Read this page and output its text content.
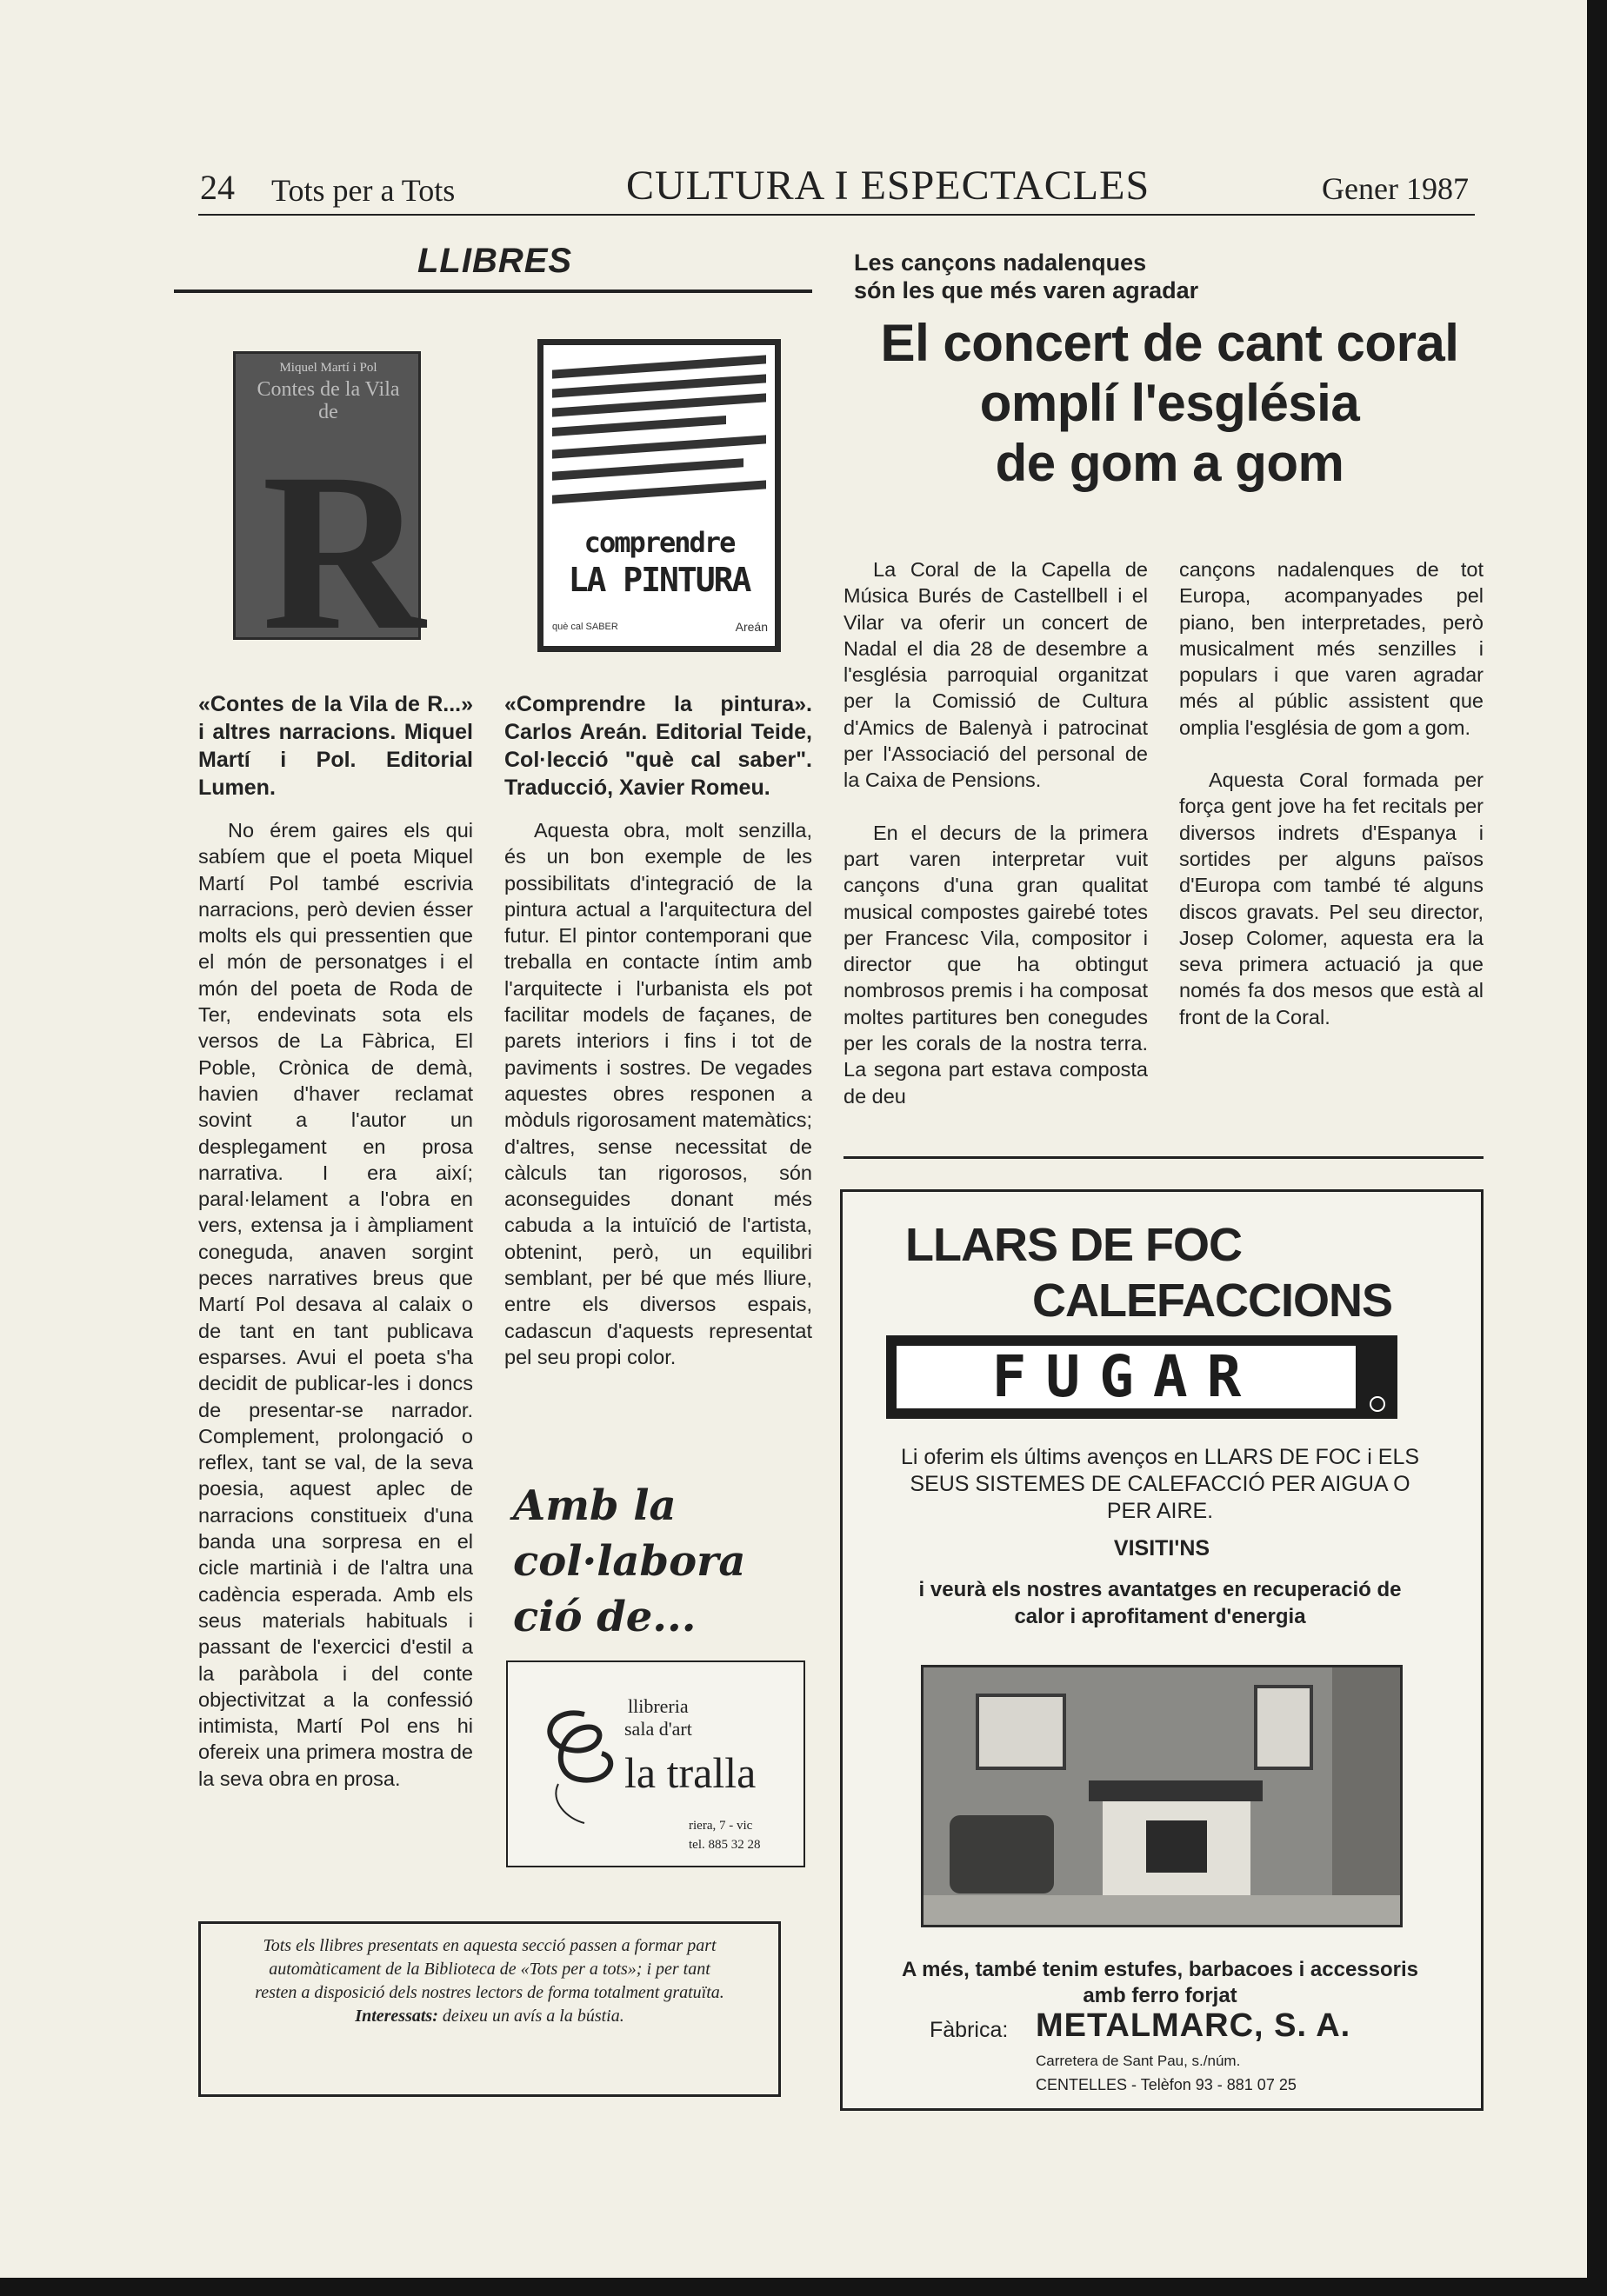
24 Tots per a Tots	CULTURA I ESPECTACLES	Gener 1987
LLIBRES
Miquel Martí i Pol
Contes de la Vila de
R	comprendre
LA PINTURA
què cal SABER	Areán
«Contes de la Vila de R...» i altres narracions. Miquel Martí i Pol. Editorial Lumen.

No érem gaires els qui sabíem que el poeta Miquel Martí Pol també escrivia narracions, però devien ésser molts els qui pressentien que el món de personatges i el món del poeta de Roda de Ter, endevinats sota els versos de La Fàbrica, El Poble, Crònica de demà, havien d'haver reclamat sovint a l'autor un desplegament en prosa narrativa. I era així; paral·lelament a l'obra en vers, extensa ja i àmpliament coneguda, anaven sorgint peces narratives breus que Martí Pol desava al calaix o de tant en tant publicava esparses. Avui el poeta s'ha decidit de publicar-les i doncs de presentar-se narrador. Complement, prolongació o reflex, tant se val, de la seva poesia, aquest aplec de narracions constitueix d'una banda una sorpresa en el cicle martinià i de l'altra una cadència esperada. Amb els seus materials habituals i passant de l'exercici d'estil a la paràbola i del conte objectivitzat a la confessió intimista, Martí Pol ens hi ofereix una primera mostra de la seva obra en prosa.

«Comprendre la pintura». Carlos Areán. Editorial Teide, Col·lecció "què cal saber". Traducció, Xavier Romeu.

Aquesta obra, molt senzilla, és un bon exemple de les possibilitats d'integració de la pintura actual a l'arquitectura del futur. El pintor contemporani que treballa en contacte íntim amb l'arquitecte i l'urbanista els pot facilitar models de façanes, de parets interiors i fins i tot de paviments i sostres. De vegades aquestes obres responen a mòduls rigorosament matemàtics; d'altres, sense necessitat de càlculs tan rigorosos, són aconseguides donant més cabuda a la intuïció de l'artista, obtenint, però, un equilibri semblant, per bé que més lliure, entre els diversos espais, cadascun d'aquests representat pel seu propi color.

Amb la
col·labora
ció de...
llibreria
sala d'art
la tralla
riera, 7 - vic
tel. 885 32 28
Tots els llibres presentats en aquesta secció passen a formar part automàticament de la Biblioteca de «Tots per a tots»; i per tant resten a disposició dels nostres lectors de forma totalment gratuïta.
Interessats: deixeu un avís a la bústia.
Les cançons nadalenques
són les que més varen agradar
El concert de cant coral
omplí l'església
de gom a gom

La Coral de la Capella de Música Burés de Castellbell i el Vilar va oferir un concert de Nadal el dia 28 de desembre a l'església parroquial organitzat per la Comissió de Cultura d'Amics de Balenyà i patrocinat per l'Associació del personal de la Caixa de Pensions.

En el decurs de la primera part varen interpretar vuit cançons d'una gran qualitat musical compostes gairebé totes per Francesc Vila, compositor i director que ha obtingut nombrosos premis i ha composat moltes partitures ben conegudes per les corals de la nostra terra. La segona part estava composta de deu

cançons nadalenques de tot Europa, acompanyades pel piano, ben interpretades, però musicalment més senzilles i populars i que varen agradar més al públic assistent que omplia l'església de gom a gom.

Aquesta Coral formada per força gent jove ha fet recitals per diversos indrets d'Espanya i sortides per alguns països d'Europa com també té alguns discos gravats. Pel seu director, Josep Colomer, aquesta era la seva primera actuació ja que només fa dos mesos que està al front de la Coral.

LLARS DE FOC
CALEFACCIONS
FUGAR
Li oferim els últims avenços en LLARS DE FOC i ELS SEUS SISTEMES DE CALEFACCIÓ PER AIGUA O PER AIRE.
VISITI'NS
i veurà els nostres avantatges en recuperació de calor i aprofitament d'energia
A més, també tenim estufes, barbacoes i accessoris amb ferro forjat
Fàbrica: METALMARC, S. A.
Carretera de Sant Pau, s./núm.
CENTELLES - Telèfon 93 - 881 07 25
